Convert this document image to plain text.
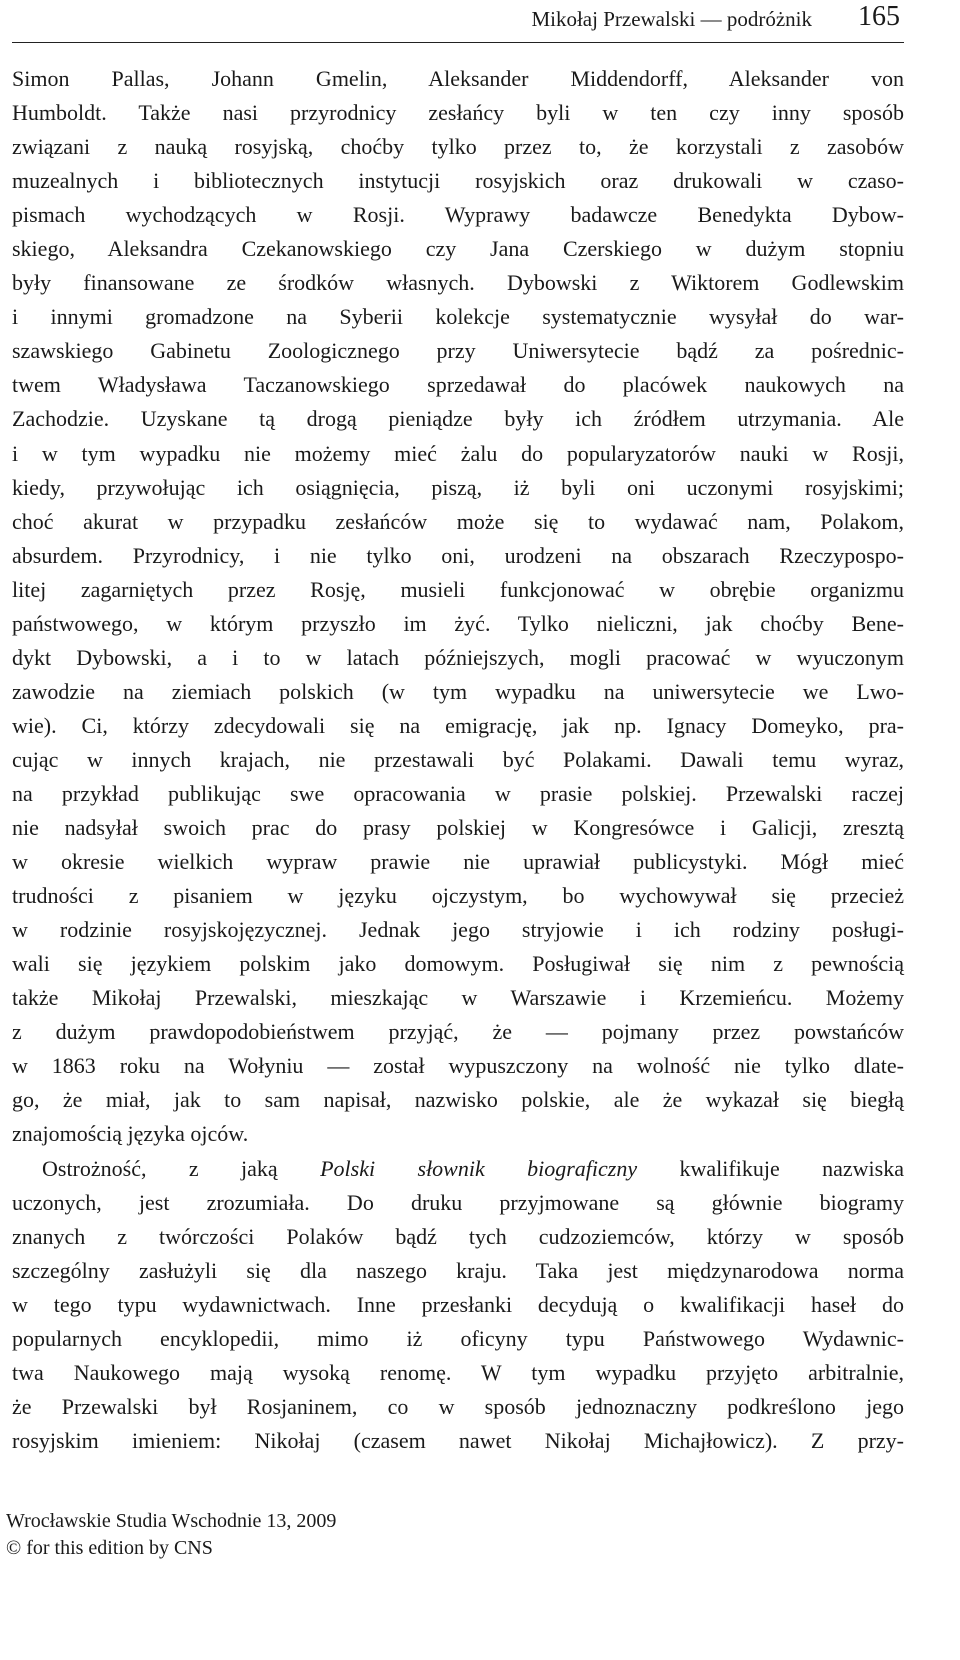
Mikołaj Przewalski — podróżnik 165
Simon Pallas, Johann Gmelin, Aleksander Middendorff, Aleksander von
Humboldt. Także nasi przyrodnicy zesłańcy byli w ten czy inny sposób
związani z nauką rosyjską, choćby tylko przez to, że korzystali z zasobów
muzealnych i bibliotecznych instytucji rosyjskich oraz drukowali w czaso-
pismach wychodzących w Rosji. Wyprawy badawcze Benedykta Dybow-
skiego, Aleksandra Czekanowskiego czy Jana Czerskiego w dużym stopniu
były finansowane ze środków własnych. Dybowski z Wiktorem Godlewskim
i innymi gromadzone na Syberii kolekcje systematycznie wysyłał do war-
szawskiego Gabinetu Zoologicznego przy Uniwersytecie bądź za pośrednic-
twem Władysława Taczanowskiego sprzedawał do placówek naukowych na
Zachodzie. Uzyskane tą drogą pieniądze były ich źródłem utrzymania. Ale
i w tym wypadku nie możemy mieć żalu do popularyzatorów nauki w Rosji,
kiedy, przywołując ich osiągnięcia, piszą, iż byli oni uczonymi rosyjskimi;
choć akurat w przypadku zesłańców może się to wydawać nam, Polakom,
absurdem. Przyrodnicy, i nie tylko oni, urodzeni na obszarach Rzeczypospo-
litej zagarniętych przez Rosję, musieli funkcjonować w obrębie organizmu
państwowego, w którym przyszło im żyć. Tylko nieliczni, jak choćby Bene-
dykt Dybowski, a i to w latach późniejszych, mogli pracować w wyuczonym
zawodzie na ziemiach polskich (w tym wypadku na uniwersytecie we Lwo-
wie). Ci, którzy zdecydowali się na emigrację, jak np. Ignacy Domeyko, pra-
cując w innych krajach, nie przestawali być Polakami. Dawali temu wyraz,
na przykład publikując swe opracowania w prasie polskiej. Przewalski raczej
nie nadsyłał swoich prac do prasy polskiej w Kongresówce i Galicji, zresztą
w okresie wielkich wypraw prawie nie uprawiał publicystyki. Mógł mieć
trudności z pisaniem w języku ojczystym, bo wychowywał się przecież
w rodzinie rosyjskojęzycznej. Jednak jego stryjowie i ich rodziny posługi-
wali się językiem polskim jako domowym. Posługiwał się nim z pewnością
także Mikołaj Przewalski, mieszkając w Warszawie i Krzemieńcu. Możemy
z dużym prawdopodobieństwem przyjąć, że — pojmany przez powstańców
w 1863 roku na Wołyniu — został wypuszczony na wolność nie tylko dlate-
go, że miał, jak to sam napisał, nazwisko polskie, ale że wykazał się biegłą
znajomością języka ojców.
Ostrożność, z jaką Polski słownik biograficzny kwalifikuje nazwiska
uczonych, jest zrozumiała. Do druku przyjmowane są głównie biogramy
znanych z twórczości Polaków bądź tych cudzoziemców, którzy w sposób
szczególny zasłużyli się dla naszego kraju. Taka jest międzynarodowa norma
w tego typu wydawnictwach. Inne przesłanki decydują o kwalifikacji haseł do
popularnych encyklopedii, mimo iż oficyny typu Państwowego Wydawnic-
twa Naukowego mają wysoką renomę. W tym wypadku przyjęto arbitralnie,
że Przewalski był Rosjaninem, co w sposób jednoznaczny podkreślono jego
rosyjskim imieniem: Nikołaj (czasem nawet Nikołaj Michajłowicz). Z przy-
Wrocławskie Studia Wschodnie 13, 2009
© for this edition by CNS
